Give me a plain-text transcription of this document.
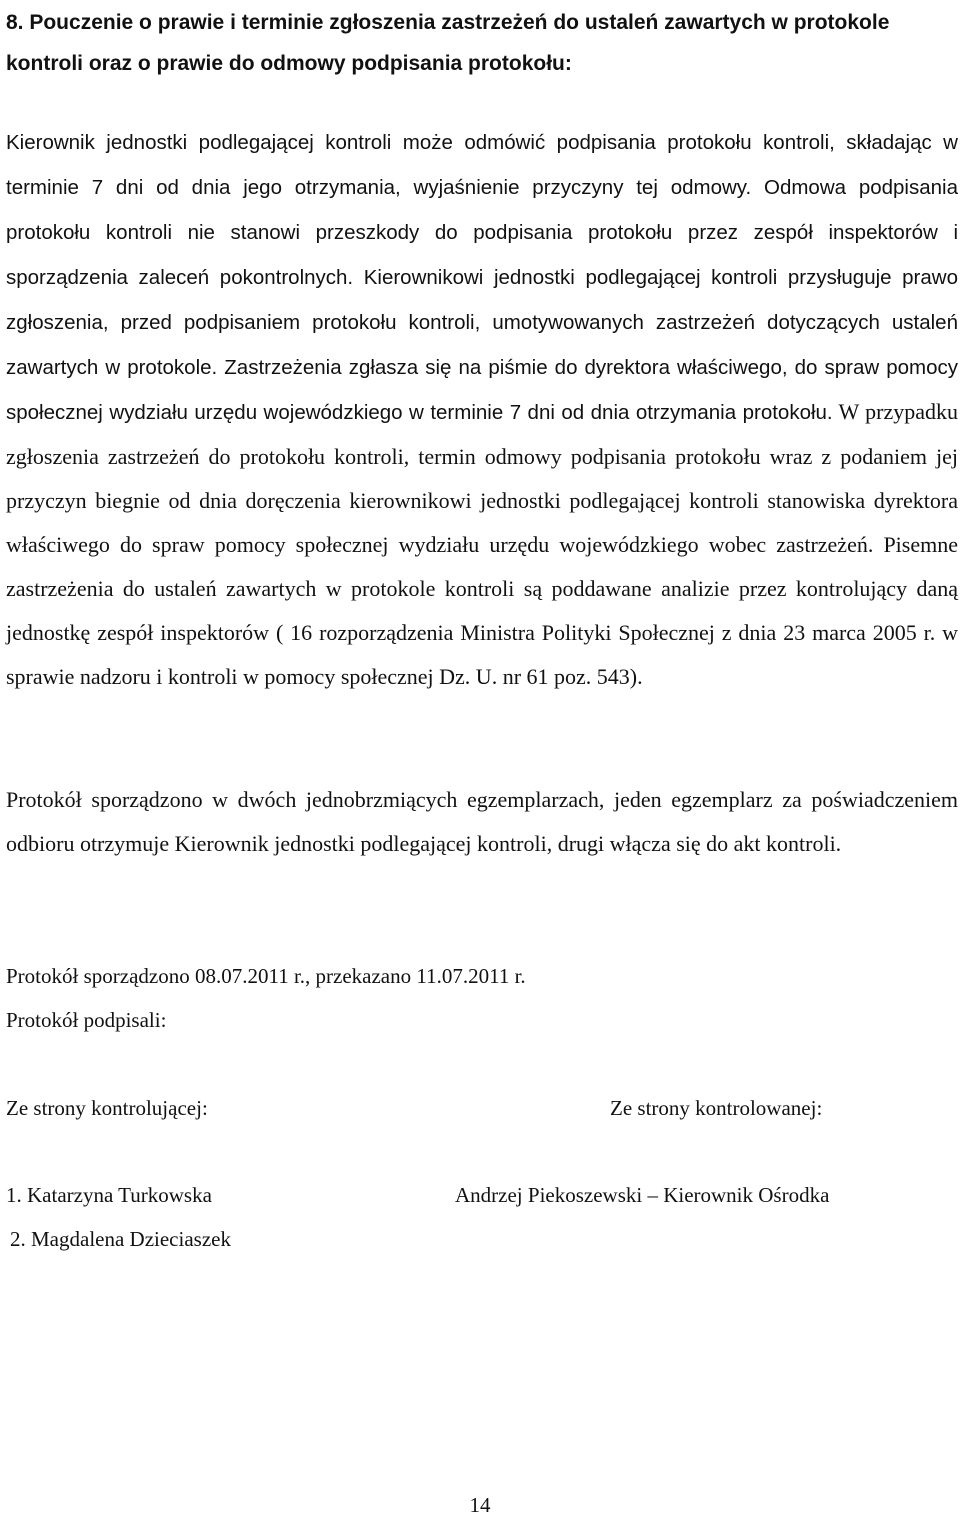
8. Pouczenie o prawie i terminie zgłoszenia zastrzeżeń do ustaleń zawartych w protokole kontroli oraz o prawie do odmowy podpisania protokołu:
Kierownik jednostki podlegającej kontroli może odmówić podpisania protokołu kontroli, składając w terminie 7 dni od dnia jego otrzymania, wyjaśnienie przyczyny tej odmowy. Odmowa podpisania protokołu kontroli nie stanowi przeszkody do podpisania protokołu przez zespół inspektorów i sporządzenia zaleceń pokontrolnych. Kierownikowi jednostki podlegającej kontroli przysługuje prawo zgłoszenia, przed podpisaniem protokołu kontroli, umotywowanych zastrzeżeń dotyczących ustaleń zawartych w protokole. Zastrzeżenia zgłasza się na piśmie do dyrektora właściwego, do spraw pomocy społecznej wydziału urzędu wojewódzkiego w terminie 7 dni od dnia otrzymania protokołu. W przypadku zgłoszenia zastrzeżeń do protokołu kontroli, termin odmowy podpisania protokołu wraz z podaniem jej przyczyn biegnie od dnia doręczenia kierownikowi jednostki podlegającej kontroli stanowiska dyrektora właściwego do spraw pomocy społecznej wydziału urzędu wojewódzkiego wobec zastrzeżeń. Pisemne zastrzeżenia do ustaleń zawartych w protokole kontroli są poddawane analizie przez kontrolujący daną jednostkę zespół inspektorów ( 16 rozporządzenia Ministra Polityki Społecznej z dnia 23 marca 2005 r. w sprawie nadzoru i kontroli w pomocy społecznej Dz. U. nr 61 poz. 543).
Protokół sporządzono w dwóch jednobrzmiących egzemplarzach, jeden egzemplarz za poświadczeniem odbioru otrzymuje Kierownik jednostki podlegającej kontroli, drugi włącza się do akt kontroli.
Protokół sporządzono 08.07.2011 r., przekazano 11.07.2011 r.
Protokół podpisali:
Ze strony kontrolującej:	Ze strony kontrolowanej:
1. Katarzyna Turkowska	Andrzej Piekoszewski – Kierownik Ośrodka
2. Magdalena Dzieciaszek
14
